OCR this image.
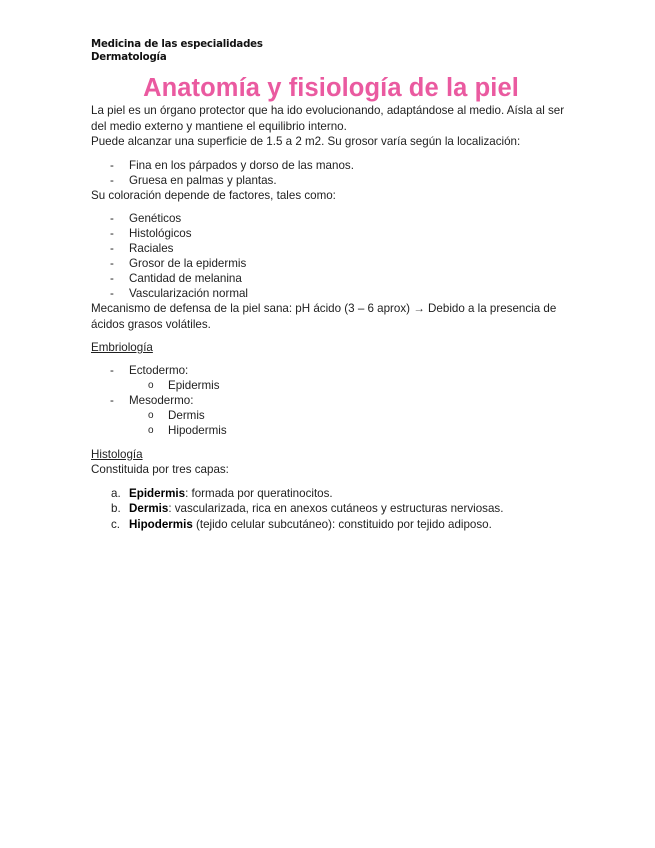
Medicina de las especialidades
Dermatología
Anatomía y fisiología de la piel

La piel es un órgano protector que ha ido evolucionando, adaptándose al medio. Aísla al ser del medio externo y mantiene el equilibrio interno.

Puede alcanzar una superficie de 1.5 a 2 m2. Su grosor varía según la localización:

- Fina en los párpados y dorso de las manos.
- Gruesa en palmas y plantas.

Su coloración depende de factores, tales como:

- Genéticos
- Histológicos
- Raciales
- Grosor de la epidermis
- Cantidad de melanina
- Vascularización normal

Mecanismo de defensa de la piel sana: pH ácido (3 – 6 aprox) → Debido a la presencia de ácidos grasos volátiles.

Embriología
- Ectodermo:
o Epidermis
- Mesodermo:
o Dermis
o Hipodermis
Histología

Constituida por tres capas:

a. Epidermis: formada por queratinocitos.
b. Dermis: vascularizada, rica en anexos cutáneos y estructuras nerviosas.
c. Hipodermis (tejido celular subcutáneo): constituido por tejido adiposo.
